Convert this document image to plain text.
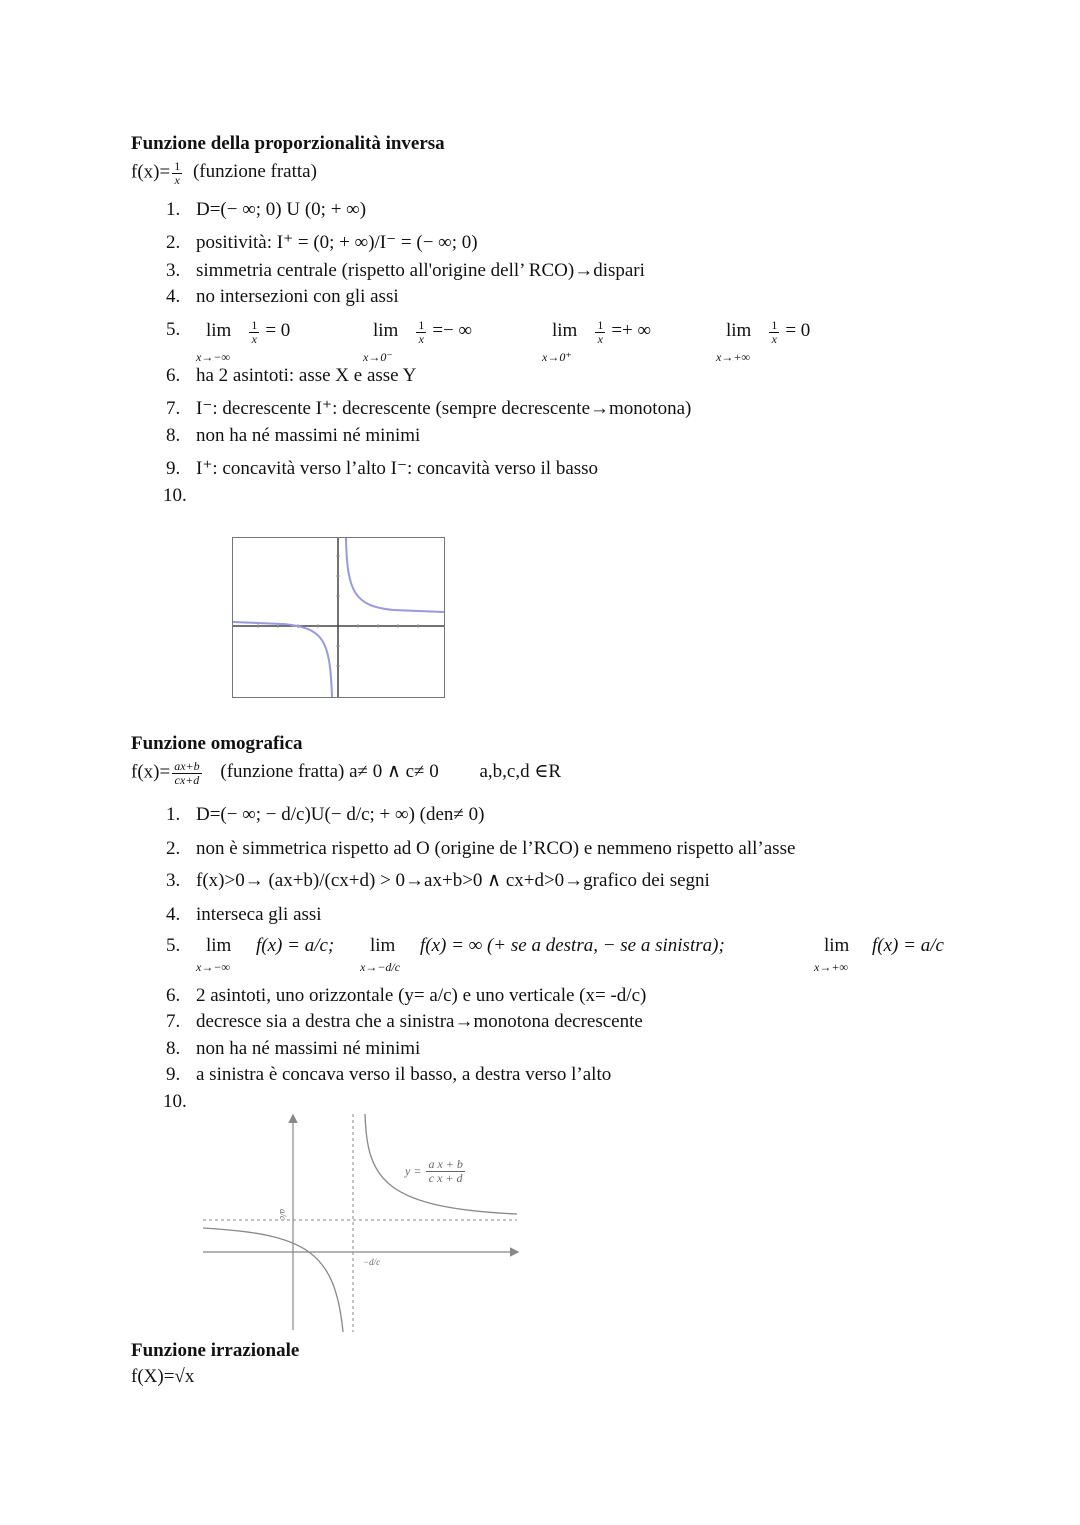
Funzione della proporzionalità inversa
$f(x)= \frac{1}{x}$ (funzione fratta)
1. D=(− ∞; 0) U (0; + ∞)
2. positività: I⁺ = (0; + ∞)/I⁻ = (− ∞; 0)
3. simmetria centrale (rispetto all'origine dell’ RCO)→dispari
4. no intersezioni con gli assi
5.
6. ha 2 asintoti: asse X e asse Y
7. I⁻: decrescente I⁺: decrescente (sempre decrescente→monotona)
8. non ha né massimi né minimi
9. I⁺: concavità verso l’alto I⁻: concavità verso il basso
10.
$\lim \frac{1}{x} = 0$
x→−∞
$\lim \frac{1}{x}$ =− ∞
x→0⁻
$\lim \frac{1}{x}$ =+ ∞
x→0⁺
$\lim \frac{1}{x} = 0$
x→+∞
Funzione omografica
$f(x)= \frac{ax+b}{cx+d}$ (funzione fratta) a≠ 0 ∧ c≠ 0 a,b,c,d ∈R
1. D=(− ∞; − d/c)U(− d/c; + ∞) (den≠ 0)
2. non è simmetrica rispetto ad O (origine de l’RCO) e nemmeno rispetto all’asse
3. f(x)>0→ (ax+b)/(cx+d) > 0→ax+b>0 ∧ cx+d>0→grafico dei segni
4. interseca gli assi
5.
6. 2 asintoti, uno orizzontale (y= a/c) e uno verticale (x= -d/c)
7. decresce sia a destra che a sinistra→monotona decrescente
8. non ha né massimi né minimi
9. a sinistra è concava verso il basso, a destra verso l’alto
10.
lim
x→−∞
f(x) = a/c;	lim
x→−d/c
f(x) = ∞ (+ se a destra, − se a sinistra);	lim
x→+∞
f(x) = a/c
$y = \frac{\text{a x + b}}{\text{c x + d}}$
a/c
−d/c
Funzione irrazionale
f(X)=√x
